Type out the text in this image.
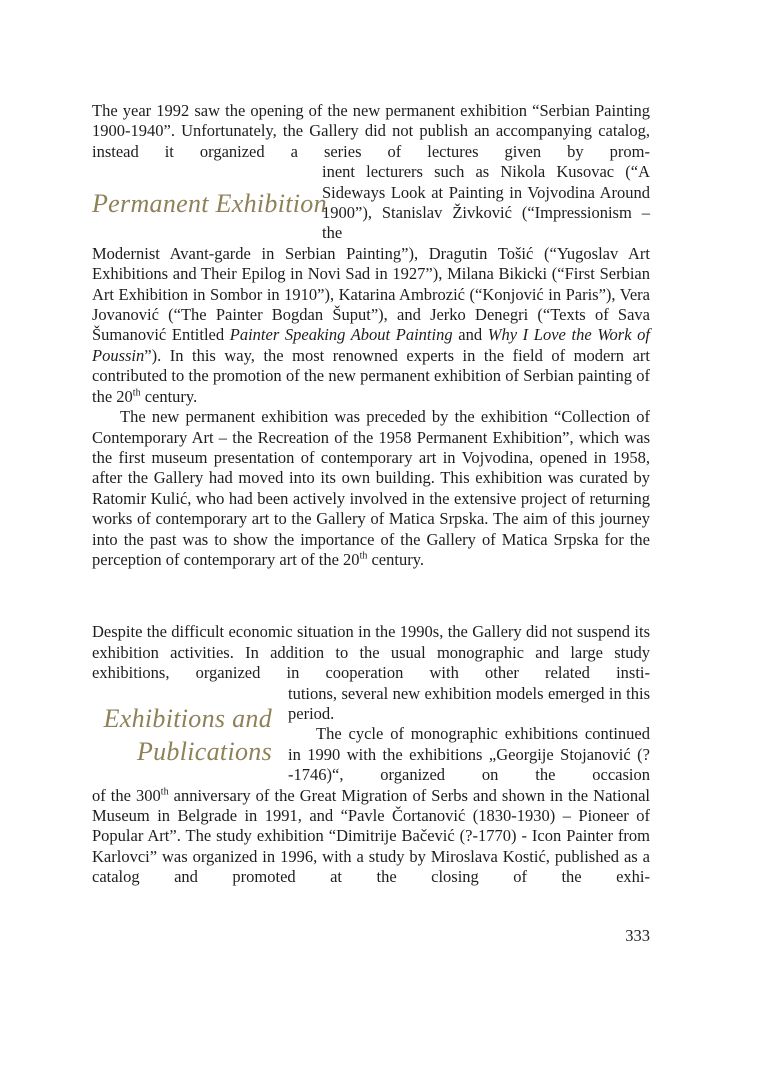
The year 1992 saw the opening of the new permanent exhibition “Serbian Painting 1900-1940”. Unfortunately, the Gallery did not publish an accompanying catalog, instead it organized a series of lectures given by prom-

Permanent Exhibition

inent lecturers such as Nikola Kusovac (“A Sideways Look at Painting in Vojvodina Around 1900”), Stanislav Živković (“Impressionism – the

Modernist Avant-garde in Serbian Painting”), Dragutin Tošić (“Yugoslav Art Exhibitions and Their Epilog in Novi Sad in 1927”), Milana Bikicki (“First Serbian Art Exhibition in Sombor in 1910”), Katarina Ambrozić (“Konjović in Paris”), Vera Jovanović (“The Painter Bogdan Šuput”), and Jerko Denegri (“Texts of Sava Šumanović Entitled Painter Speaking About Painting and Why I Love the Work of Poussin”). In this way, the most renowned experts in the field of modern art contributed to the promotion of the new permanent exhibition of Serbian painting of the 20th century.

The new permanent exhibition was preceded by the exhibition “Collection of Contemporary Art – the Recreation of the 1958 Permanent Exhibition”, which was the first museum presentation of contemporary art in Vojvodina, opened in 1958, after the Gallery had moved into its own building. This exhibition was curated by Ratomir Kulić, who had been actively involved in the extensive project of returning works of contemporary art to the Gallery of Matica Srpska. The aim of this journey into the past was to show the importance of the Gallery of Matica Srpska for the perception of contemporary art of the 20th century.

Despite the difficult economic situation in the 1990s, the Gallery did not suspend its exhibition activities. In addition to the usual monographic and large study exhibitions, organized in cooperation with other related insti-

Exhibitions and Publications

tutions, several new exhibition models emerged in this period.

The cycle of monographic exhibitions continued in 1990 with the exhibitions „Georgije Stojanović (?-1746)“, organized on the occasion

of the 300th anniversary of the Great Migration of Serbs and shown in the National Museum in Belgrade in 1991, and “Pavle Čortanović (1830-1930) – Pioneer of Popular Art”. The study exhibition “Dimitrije Bačević (?-1770) - Icon Painter from Karlovci” was organized in 1996, with a study by Miroslava Kostić, published as a catalog and promoted at the closing of the exhi-

333
